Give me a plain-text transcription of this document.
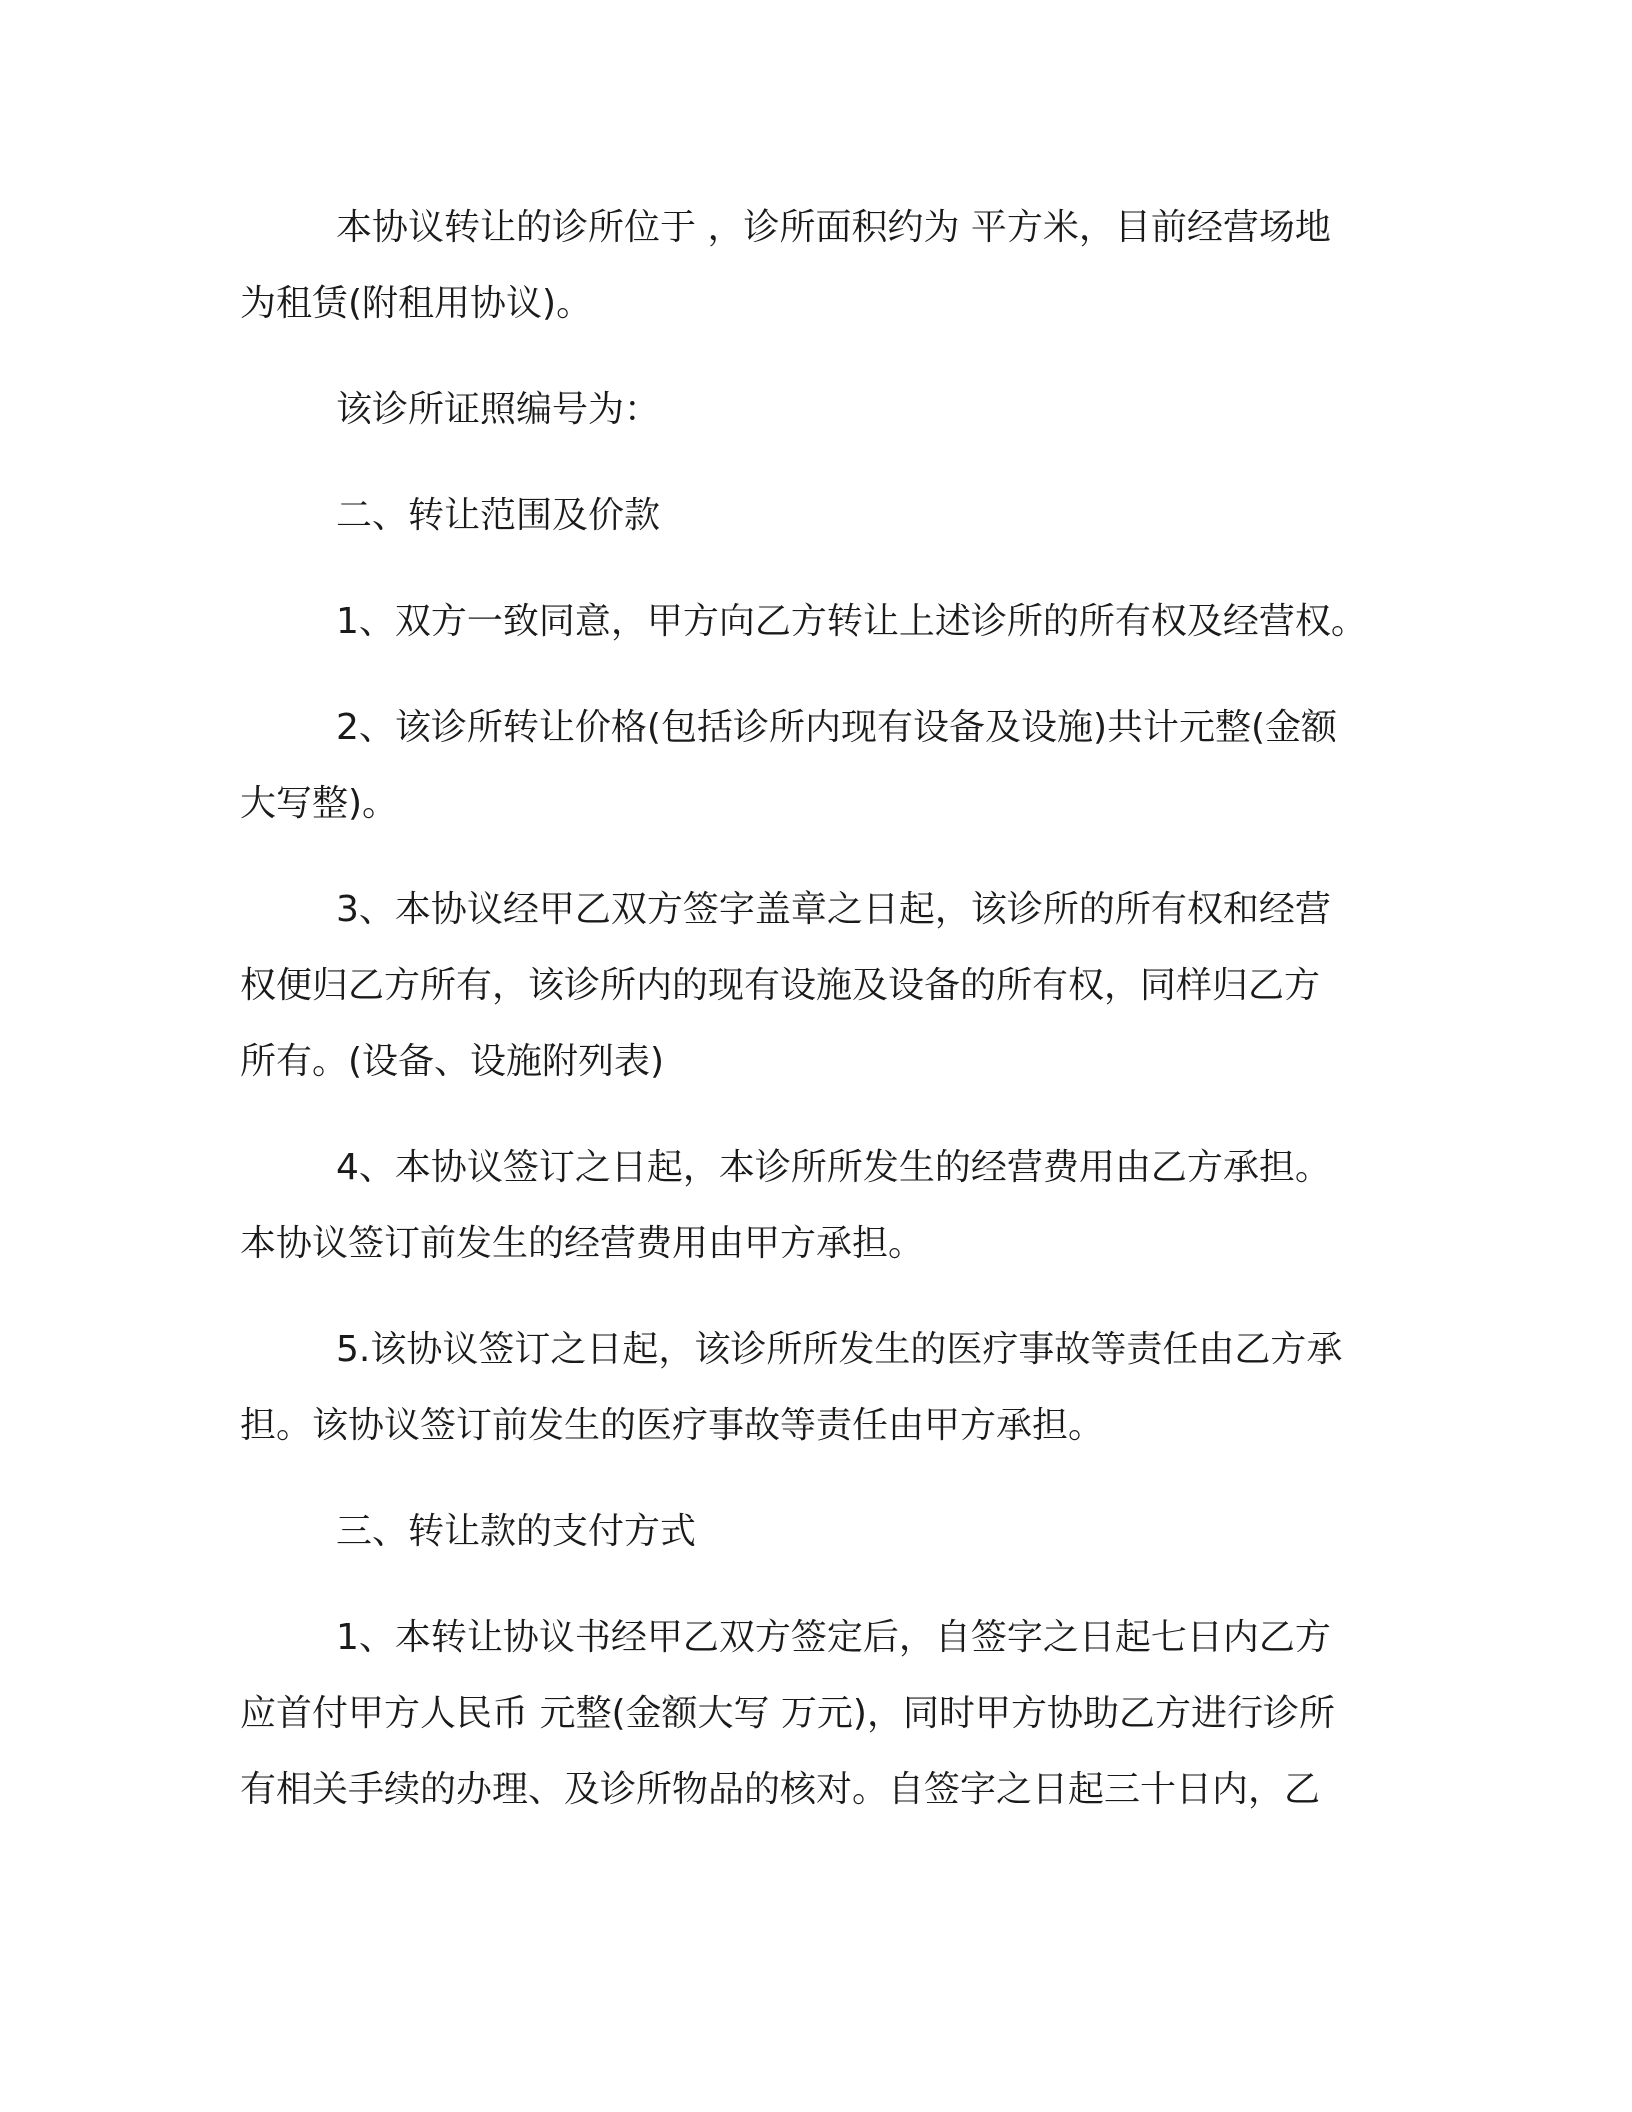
本协议转让的诊所位于 ，诊所面积约为 平方米，目前经营场地
为租赁(附租用协议)。
该诊所证照编号为：
二、转让范围及价款
1、双方一致同意，甲方向乙方转让上述诊所的所有权及经营权。
2、该诊所转让价格(包括诊所内现有设备及设施)共计元整(金额
大写整)。
3、本协议经甲乙双方签字盖章之日起，该诊所的所有权和经营
权便归乙方所有，该诊所内的现有设施及设备的所有权，同样归乙方
所有。(设备、设施附列表)
4、本协议签订之日起，本诊所所发生的经营费用由乙方承担。
本协议签订前发生的经营费用由甲方承担。
5.该协议签订之日起，该诊所所发生的医疗事故等责任由乙方承
担。该协议签订前发生的医疗事故等责任由甲方承担。
三、转让款的支付方式
1、本转让协议书经甲乙双方签定后，自签字之日起七日内乙方
应首付甲方人民币 元整(金额大写 万元)，同时甲方协助乙方进行诊所
有相关手续的办理、及诊所物品的核对。自签字之日起三十日内，乙
